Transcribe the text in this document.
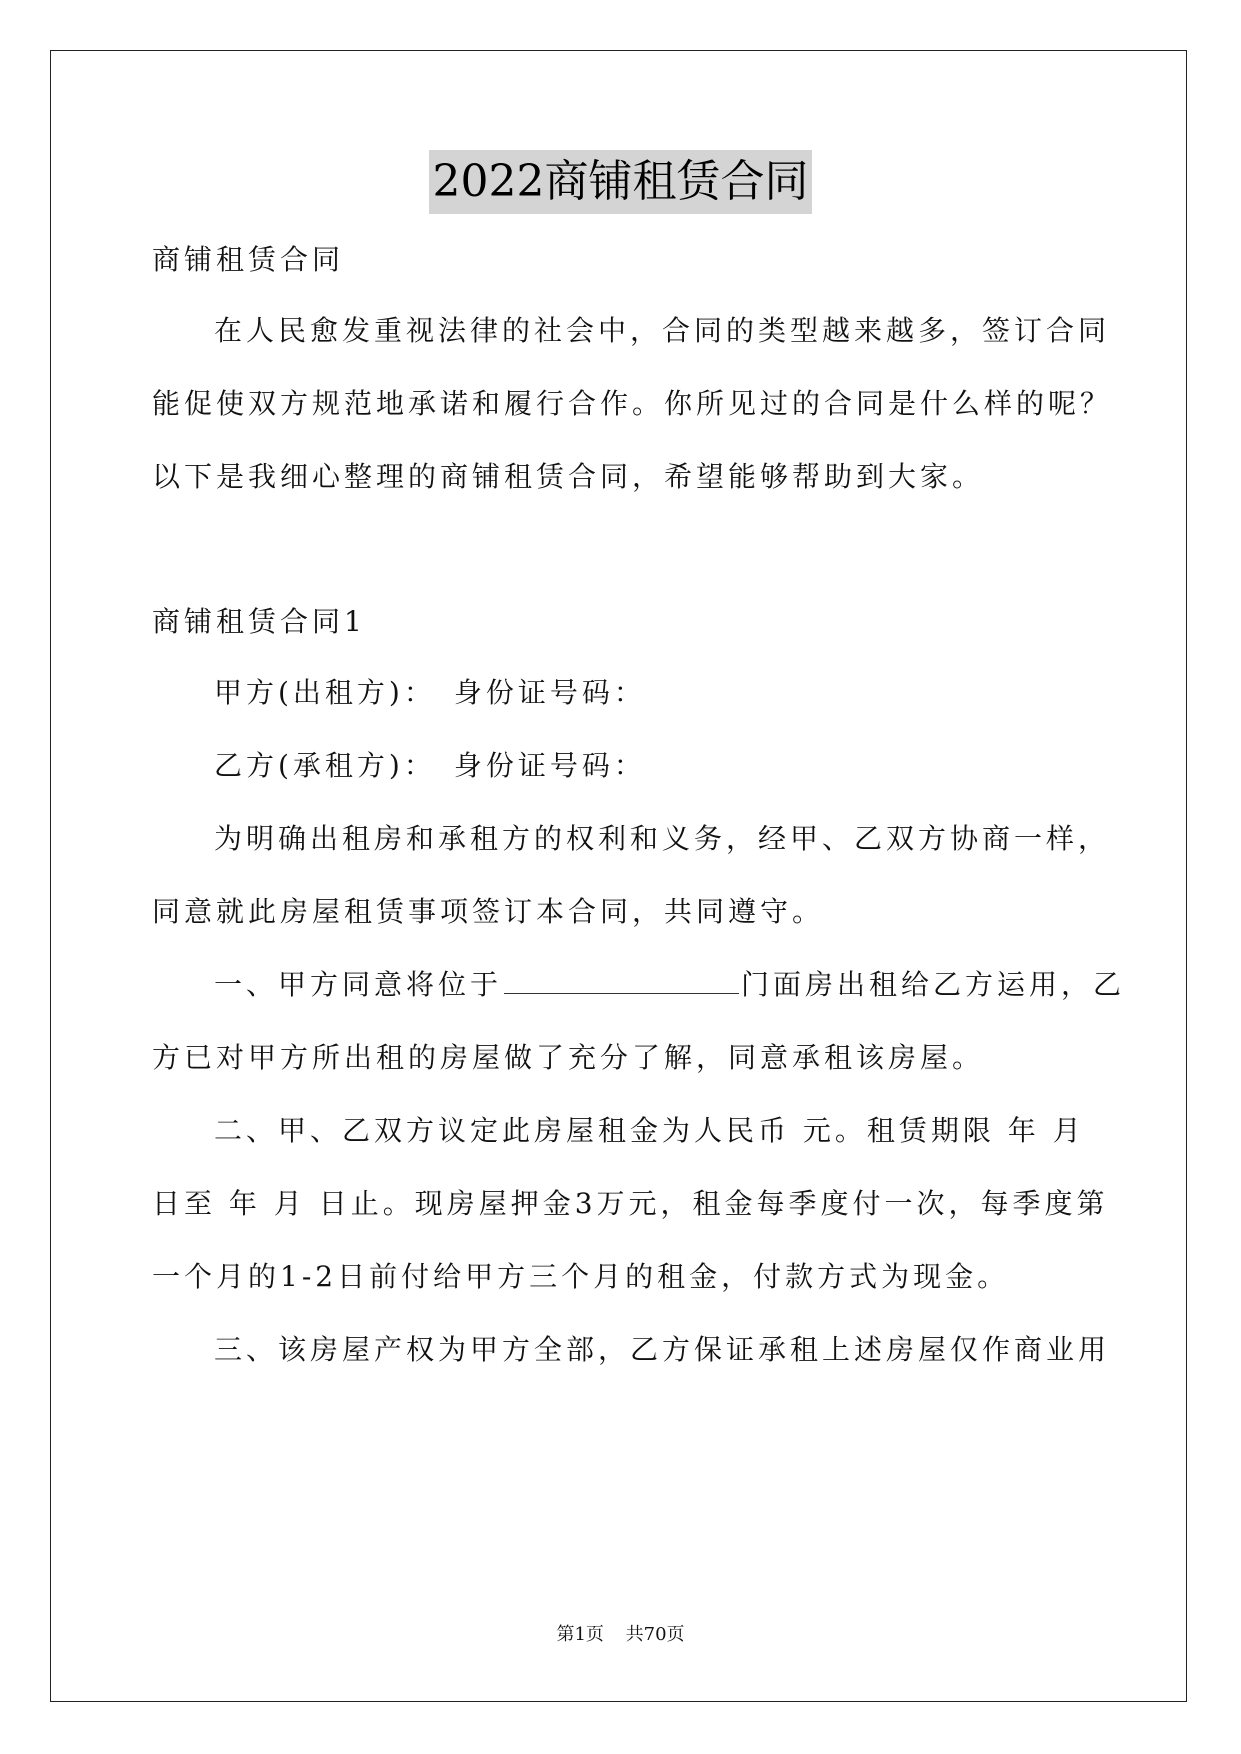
2022商铺租赁合同
商铺租赁合同
在人民愈发重视法律的社会中，合同的类型越来越多，签订合同
能促使双方规范地承诺和履行合作。你所见过的合同是什么样的呢？
以下是我细心整理的商铺租赁合同，希望能够帮助到大家。
商铺租赁合同1
甲方(出租方)：　身份证号码：
乙方(承租方)：　身份证号码：
为明确出租房和承租方的权利和义务，经甲、乙双方协商一样，
同意就此房屋租赁事项签订本合同，共同遵守。
一、甲方同意将位于	门面房出租给乙方运用，乙
方已对甲方所出租的房屋做了充分了解，同意承租该房屋。
二、甲、乙双方议定此房屋租金为人民币 元。租赁期限 年 月
日至 年 月 日止。现房屋押金3万元，租金每季度付一次，每季度第
一个月的1-2日前付给甲方三个月的租金，付款方式为现金。
三、该房屋产权为甲方全部，乙方保证承租上述房屋仅作商业用
第1页 共70页
